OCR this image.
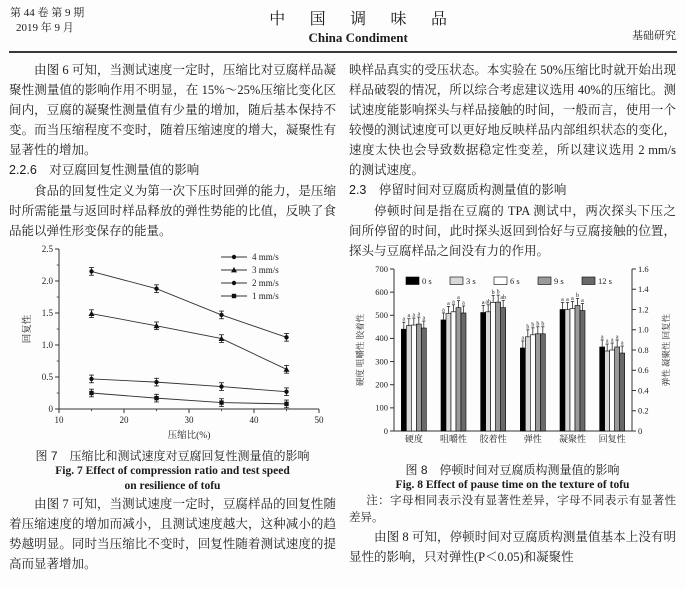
第 44 卷 第 9 期
2019 年 9 月	中 国 调 味 品
China Condiment	基础研究

由图 6 可知，当测试速度一定时，压缩比对豆腐样品凝聚性测量值的影响作用不明显，在 15%～25%压缩比变化区间内，豆腐的凝聚性测量值有少量的增加，随后基本保持不变。而当压缩程度不变时，随着压缩速度的增大，凝聚性有显著性的增加。

2.2.6　对豆腐回复性测量值的影响

食品的回复性定义为第一次下压时回弹的能力，是压缩时所需能量与返回时样品释放的弹性势能的比值，反映了食品能以弹性形变保存的能量。

0
0.5
1.0
1.5
2.0
2.5
10	20	30	40	50
压缩比(%)
回复性
4 mm/s
3 mm/s
2 mm/s
1 mm/s
图 7　压缩比和测试速度对豆腐回复性测量值的影响
Fig. 7 Effect of compression ratio and test speed
on resilience of tofu

由图 7 可知，当测试速度一定时，豆腐样品的回复性随着压缩速度的增加而减小，且测试速度越大，这种减小的趋势越明显。同时当压缩比不变时，回复性随着测试速度的提高而显著增加。

映样品真实的受压状态。本实验在 50%压缩比时就开始出现样品破裂的情况，所以综合考虑建议选用 40%的压缩比。测试速度能影响探头与样品接触的时间，一般而言，使用一个较慢的测试速度可以更好地反映样品内部组织状态的变化，速度太快也会导致数据稳定性变差，所以建议选用 2 mm/s 的测试速度。

2.3　停留时间对豆腐质构测量值的影响

停顿时间是指在豆腐的 TPA 测试中，两次探头下压之间所停留的时间，此时探头返回到恰好与豆腐接触的位置，探头与豆腐样品之间没有力的作用。

0
100
200
300
400
500
600
700
0
0.2
0.4
0.6
0.8
1.0
1.2
1.4
1.6
硬度 咀嚼性 胶着性	弹性 凝聚性 回复性
a
a a a
a
硬度
a
a a
a
a
咀嚼性
a ab
b b
ab
胶着性
a
b b b b
弹性
a a a
b
a
凝聚性
a
a a
a
a
回复性
0 s	3 s	6 s	9 s	12 s
图 8　停顿时间对豆腐质构测量值的影响
Fig. 8 Effect of pause time on the texture of tofu

注：字母相同表示没有显著性差异，字母不同表示有显著性差异。

由图 8 可知，停顿时间对豆腐质构测量值基本上没有明显性的影响，只对弹性(P＜0.05)和凝聚性
